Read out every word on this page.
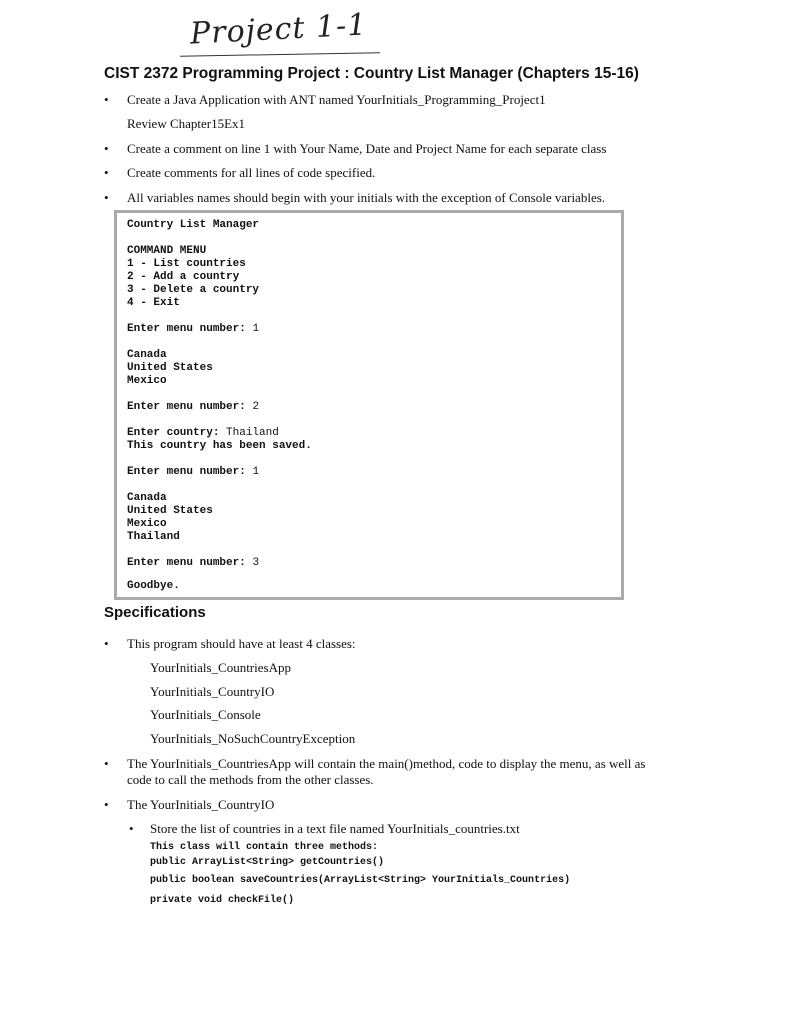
Project 1-1
CIST 2372 Programming Project : Country List Manager (Chapters 15-16)
• Create a Java Application with ANT named YourInitials_Programming_Project1
Review Chapter15Ex1
• Create a comment on line 1 with Your Name, Date and Project Name for each separate class
• Create comments for all lines of code specified.
• All variables names should begin with your initials with the exception of Console variables.
Country List Manager
COMMAND MENU
1 - List countries
2 - Add a country
3 - Delete a country
4 - Exit
Enter menu number: 1
Canada
United States
Mexico
Enter menu number: 2
Enter country: Thailand
This country has been saved.
Enter menu number: 1
Canada
United States
Mexico
Thailand
Enter menu number: 3
Goodbye.
Specifications
• This program should have at least 4 classes:
YourInitials_CountriesApp
YourInitials_CountryIO
YourInitials_Console
YourInitials_NoSuchCountryException
• The YourInitials_CountriesApp will contain the main()method, code to display the menu, as well as
code to call the methods from the other classes.
• The YourInitials_CountryIO
• Store the list of countries in a text file named YourInitials_countries.txt
This class will contain three methods:
public ArrayList<String> getCountries()
public boolean saveCountries(ArrayList<String> YourInitials_Countries)
private void checkFile()
